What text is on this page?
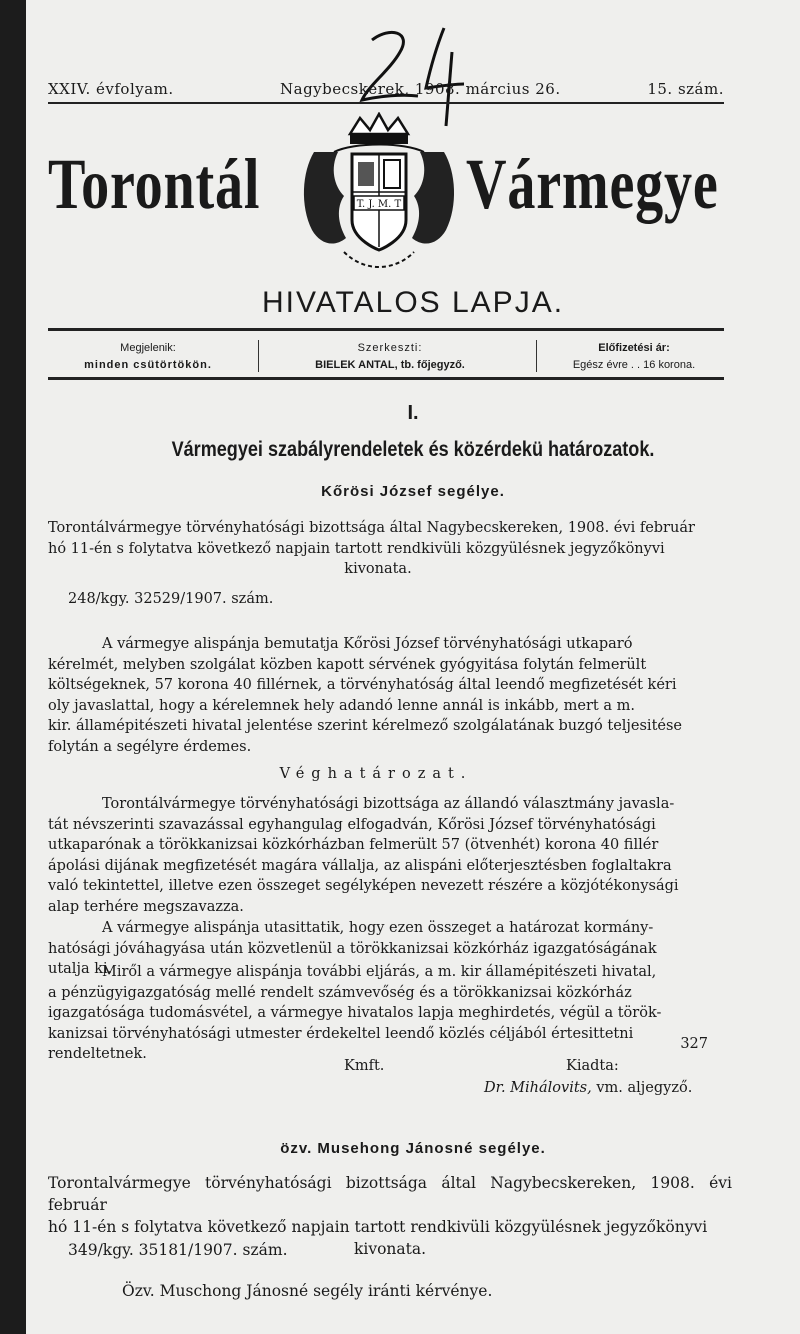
XXIV. évfolyam.	Nagybecskerek, 1908. március 26.	15. szám.
Torontál	T. J. M. T Vármegye
HIVATALOS LAPJA.
Megjelenik:
minden csütörtökön.
Szerkeszti:
BIELEK ANTAL, tb. főjegyző.
Előfizetési ár:
Egész évre . . 16 korona.
I.
Vármegyei szabályrendeletek és közérdekü határozatok.
Kőrösi József segélye.
Torontálvármegye törvényhatósági bizottsága által Nagybecskereken, 1908. évi február
hó 11-én s folytatva következő napjain tartott rendkivüli közgyülésnek jegyzőkönyvi
kivonata.
248/kgy. 32529/1907. szám.
A vármegye alispánja bemutatja Kőrösi József törvényhatósági utkaparó
kérelmét, melyben szolgálat közben kapott sérvének gyógyitása folytán felmerült
költségeknek, 57 korona 40 fillérnek, a törvényhatóság által leendő megfizetését kéri
oly javaslattal, hogy a kérelemnek hely adandó lenne annál is inkább, mert a m.
kir. államépitészeti hivatal jelentése szerint kérelmező szolgálatának buzgó teljesitése
folytán a segélyre érdemes.
Véghatározat.
Torontálvármegye törvényhatósági bizottsága az állandó választmány javasla-
tát névszerinti szavazással egyhangulag elfogadván, Kőrösi József törvényhatósági
utkaparónak a törökkanizsai közkórházban felmerült 57 (ötvenhét) korona 40 fillér
ápolási dijának megfizetését magára vállalja, az alispáni előterjesztésben foglaltakra
való tekintettel, illetve ezen összeget segélyképen nevezett részére a közjótékonysági
alap terhére megszavazza.
A vármegye alispánja utasittatik, hogy ezen összeget a határozat kormány-
hatósági jóváhagyása után közvetlenül a törökkanizsai közkórház igazgatóságának
utalja ki.
Miről a vármegye alispánja további eljárás, a m. kir államépitészeti hivatal,
a pénzügyigazgatóság mellé rendelt számvevőség és a törökkanizsai közkórház
igazgatósága tudomásvétel, a vármegye hivatalos lapja meghirdetés, végül a török-
kanizsai törvényhatósági utmester érdekeltel leendő közlés céljából értesittetni
rendeltetnek.
327
Kmft.	Kiadta:
Dr. Mihálovits, vm. aljegyző.
özv. Musehong Jánosné segélye.
Torontalvármegye törvényhatósági bizottsága által Nagybecskereken, 1908. évi február
hó 11-én s folytatva következő napjain tartott rendkivüli közgyülésnek jegyzőkönyvi
kivonata.
349/kgy. 35181/1907. szám.
Özv. Muschong Jánosné segély iránti kérvénye.
